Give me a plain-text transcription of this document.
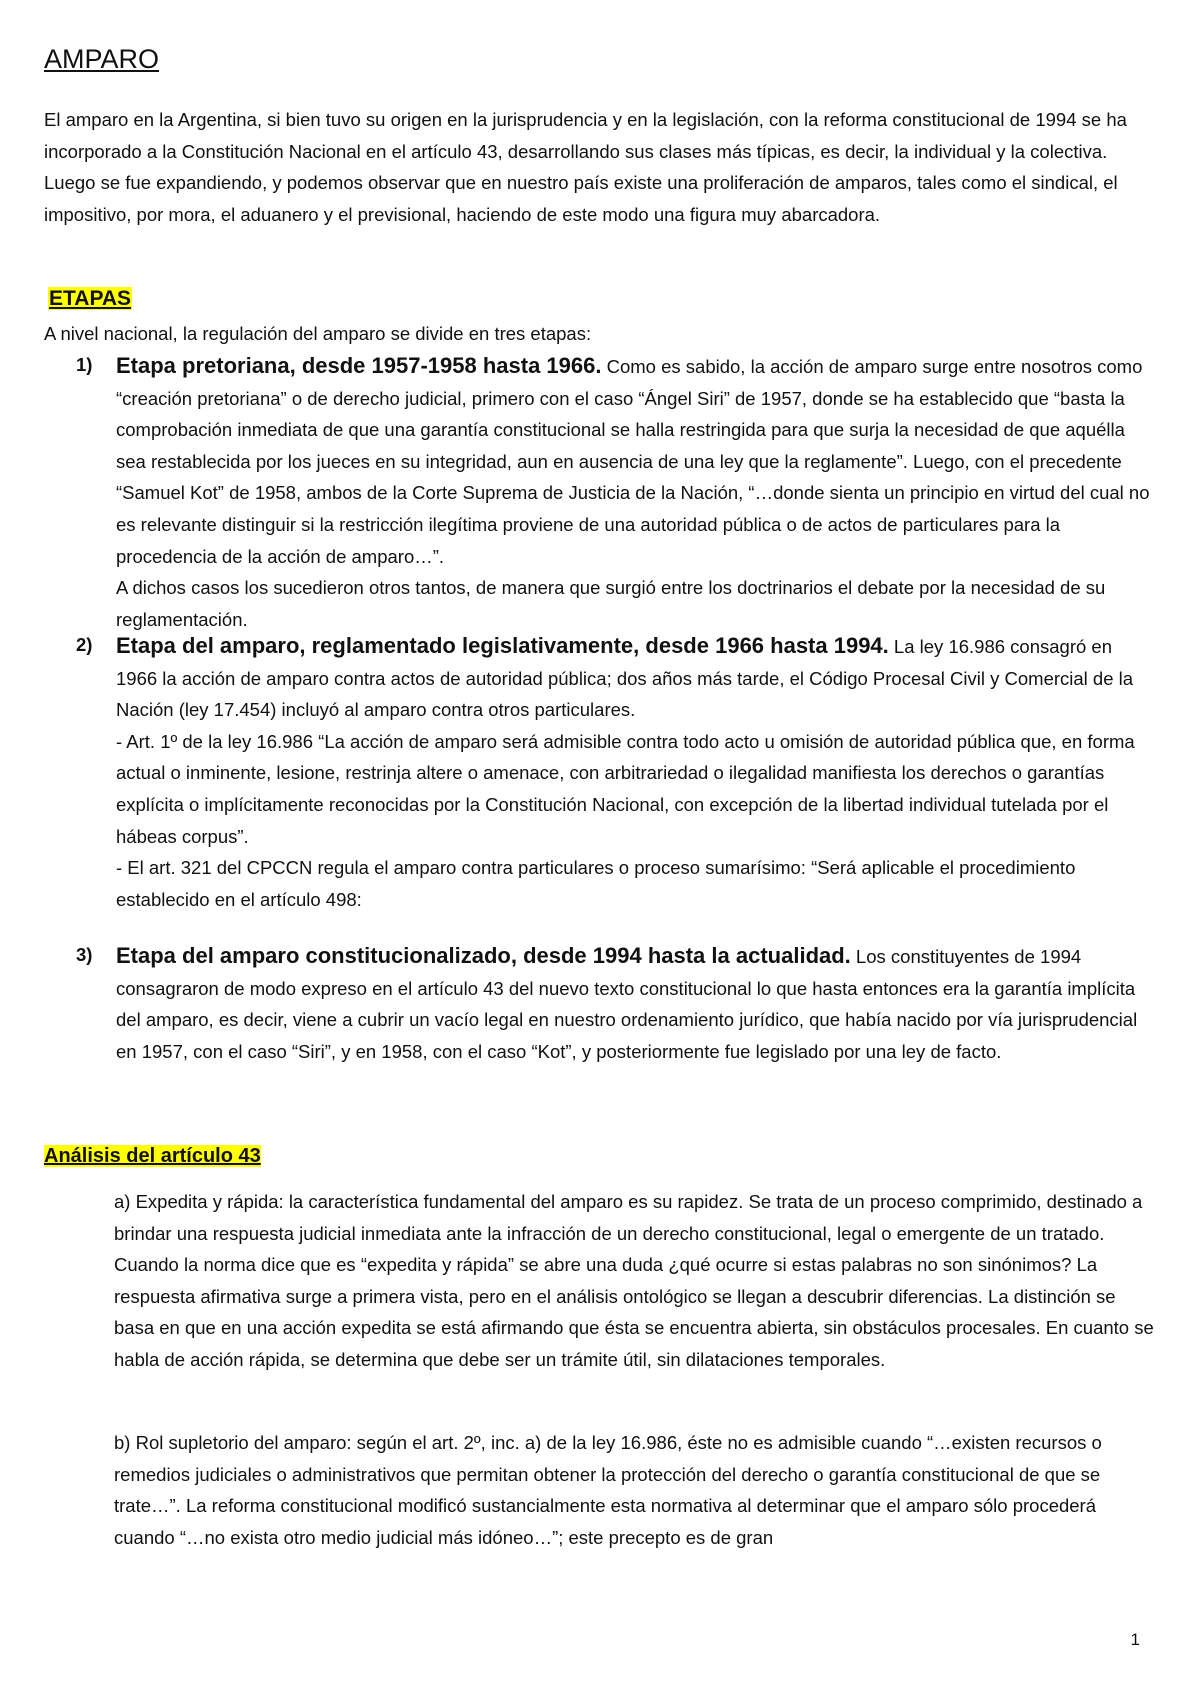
AMPARO

El amparo en la Argentina, si bien tuvo su origen en la jurisprudencia y en la legislación, con la reforma constitucional de 1994 se ha incorporado a la Constitución Nacional en el artículo 43, desarrollando sus clases más típicas, es decir, la individual y la colectiva. Luego se fue expandiendo, y podemos observar que en nuestro país existe una proliferación de amparos, tales como el sindical, el impositivo, por mora, el aduanero y el previsional, haciendo de este modo una figura muy abarcadora.

ETAPAS

A nivel nacional, la regulación del amparo se divide en tres etapas:

1) Etapa pretoriana, desde 1957-1958 hasta 1966. Como es sabido, la acción de amparo surge entre nosotros como “creación pretoriana” o de derecho judicial, primero con el caso “Ángel Siri” de 1957, donde se ha establecido que “basta la comprobación inmediata de que una garantía constitucional se halla restringida para que surja la necesidad de que aquélla sea restablecida por los jueces en su integridad, aun en ausencia de una ley que la reglamente”. Luego, con el precedente “Samuel Kot” de 1958, ambos de la Corte Suprema de Justicia de la Nación, “…donde sienta un principio en virtud del cual no es relevante distinguir si la restricción ilegítima proviene de una autoridad pública o de actos de particulares para la procedencia de la acción de amparo…”.

A dichos casos los sucedieron otros tantos, de manera que surgió entre los doctrinarios el debate por la necesidad de su reglamentación.

2) Etapa del amparo, reglamentado legislativamente, desde 1966 hasta 1994. La ley 16.986 consagró en 1966 la acción de amparo contra actos de autoridad pública; dos años más tarde, el Código Procesal Civil y Comercial de la Nación (ley 17.454) incluyó al amparo contra otros particulares.

- Art. 1º de la ley 16.986 “La acción de amparo será admisible contra todo acto u omisión de autoridad pública que, en forma actual o inminente, lesione, restrinja altere o amenace, con arbitrariedad o ilegalidad manifiesta los derechos o garantías explícita o implícitamente reconocidas por la Constitución Nacional, con excepción de la libertad individual tutelada por el hábeas corpus”.

- El art. 321 del CPCCN regula el amparo contra particulares o proceso sumarísimo: “Será aplicable el procedimiento establecido en el artículo 498:

3) Etapa del amparo constitucionalizado, desde 1994 hasta la actualidad. Los constituyentes de 1994 consagraron de modo expreso en el artículo 43 del nuevo texto constitucional lo que hasta entonces era la garantía implícita del amparo, es decir, viene a cubrir un vacío legal en nuestro ordenamiento jurídico, que había nacido por vía jurisprudencial en 1957, con el caso “Siri”, y en 1958, con el caso “Kot”, y posteriormente fue legislado por una ley de facto.

Análisis del artículo 43

a) Expedita y rápida: la característica fundamental del amparo es su rapidez. Se trata de un proceso comprimido, destinado a brindar una respuesta judicial inmediata ante la infracción de un derecho constitucional, legal o emergente de un tratado. Cuando la norma dice que es “expedita y rápida” se abre una duda ¿qué ocurre si estas palabras no son sinónimos? La respuesta afirmativa surge a primera vista, pero en el análisis ontológico se llegan a descubrir diferencias. La distinción se basa en que en una acción expedita se está afirmando que ésta se encuentra abierta, sin obstáculos procesales. En cuanto se habla de acción rápida, se determina que debe ser un trámite útil, sin dilataciones temporales.

b) Rol supletorio del amparo: según el art. 2º, inc. a) de la ley 16.986, éste no es admisible cuando “…existen recursos o remedios judiciales o administrativos que permitan obtener la protección del derecho o garantía constitucional de que se trate…”. La reforma constitucional modificó sustancialmente esta normativa al determinar que el amparo sólo procederá cuando “…no exista otro medio judicial más idóneo…”; este precepto es de gran

1
